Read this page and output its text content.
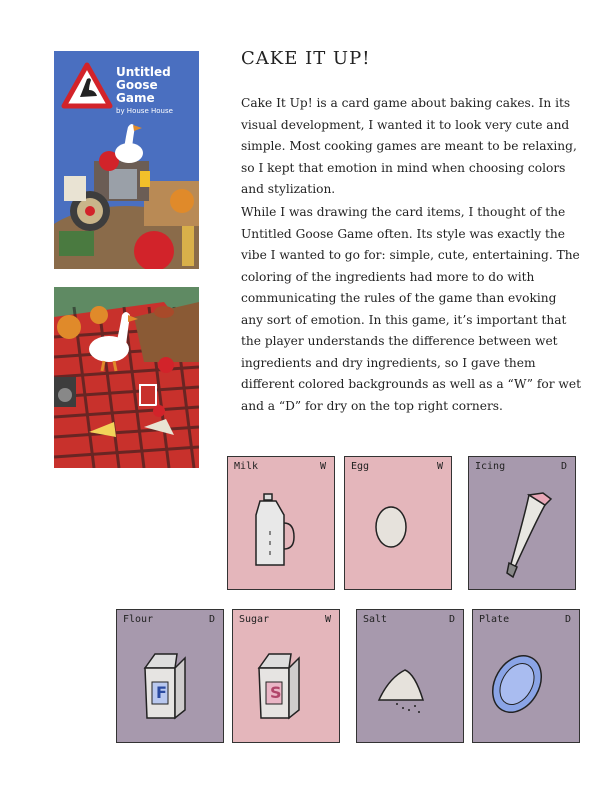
Untitled
Goose Game
by House House
CAKE IT UP!
Cake It Up! is a card game about baking cakes. In its visual development, I wanted it to look very cute and simple. Most cooking games are meant to be relaxing, so I kept that emotion in mind when choosing colors and stylization.
While I was drawing the card items, I thought of the Untitled Goose Game often. Its style was exactly the vibe I wanted to go for: simple, cute, entertaining. The coloring of the ingredients had more to do with communicating the rules of the game than evoking any sort of emotion. In this game, it’s important that the player understands the difference between wet ingredients and dry ingredients, so I gave them different colored backgrounds as well as a “W” for wet and a “D” for dry on the top right corners.
Milk	W	Egg	W	Icing	D
Flour	D
F
Sugar	W
S
Salt	D Plate	D
